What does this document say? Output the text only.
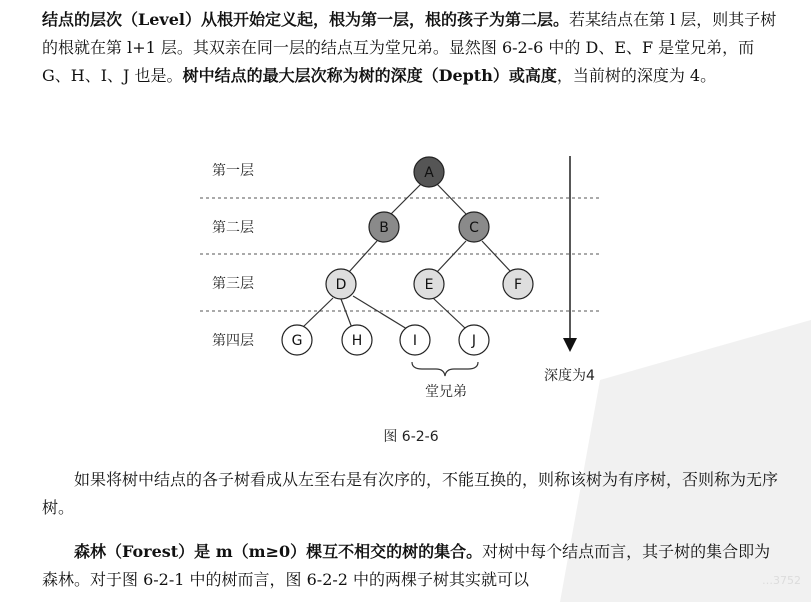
结点的层次（Level）从根开始定义起，根为第一层，根的孩子为第二层。若某结点在第 l 层，则其子树的根就在第 l+1 层。其双亲在同一层的结点互为堂兄弟。显然图 6-2-6 中的 D、E、F 是堂兄弟，而 G、H、I、J 也是。树中结点的最大层次称为树的深度（Depth）或高度，当前树的深度为 4。

…3752
第一层
第二层
第三层
第四层
A
B	C
D	E	F
G	H	I	J
堂兄弟
深度为4
图 6-2-6

如果将树中结点的各子树看成从左至右是有次序的，不能互换的，则称该树为有序树，否则称为无序树。

森林（Forest）是 m（m≥0）棵互不相交的树的集合。对树中每个结点而言，其子树的集合即为森林。对于图 6-2-1 中的树而言，图 6-2-2 中的两棵子树其实就可以
